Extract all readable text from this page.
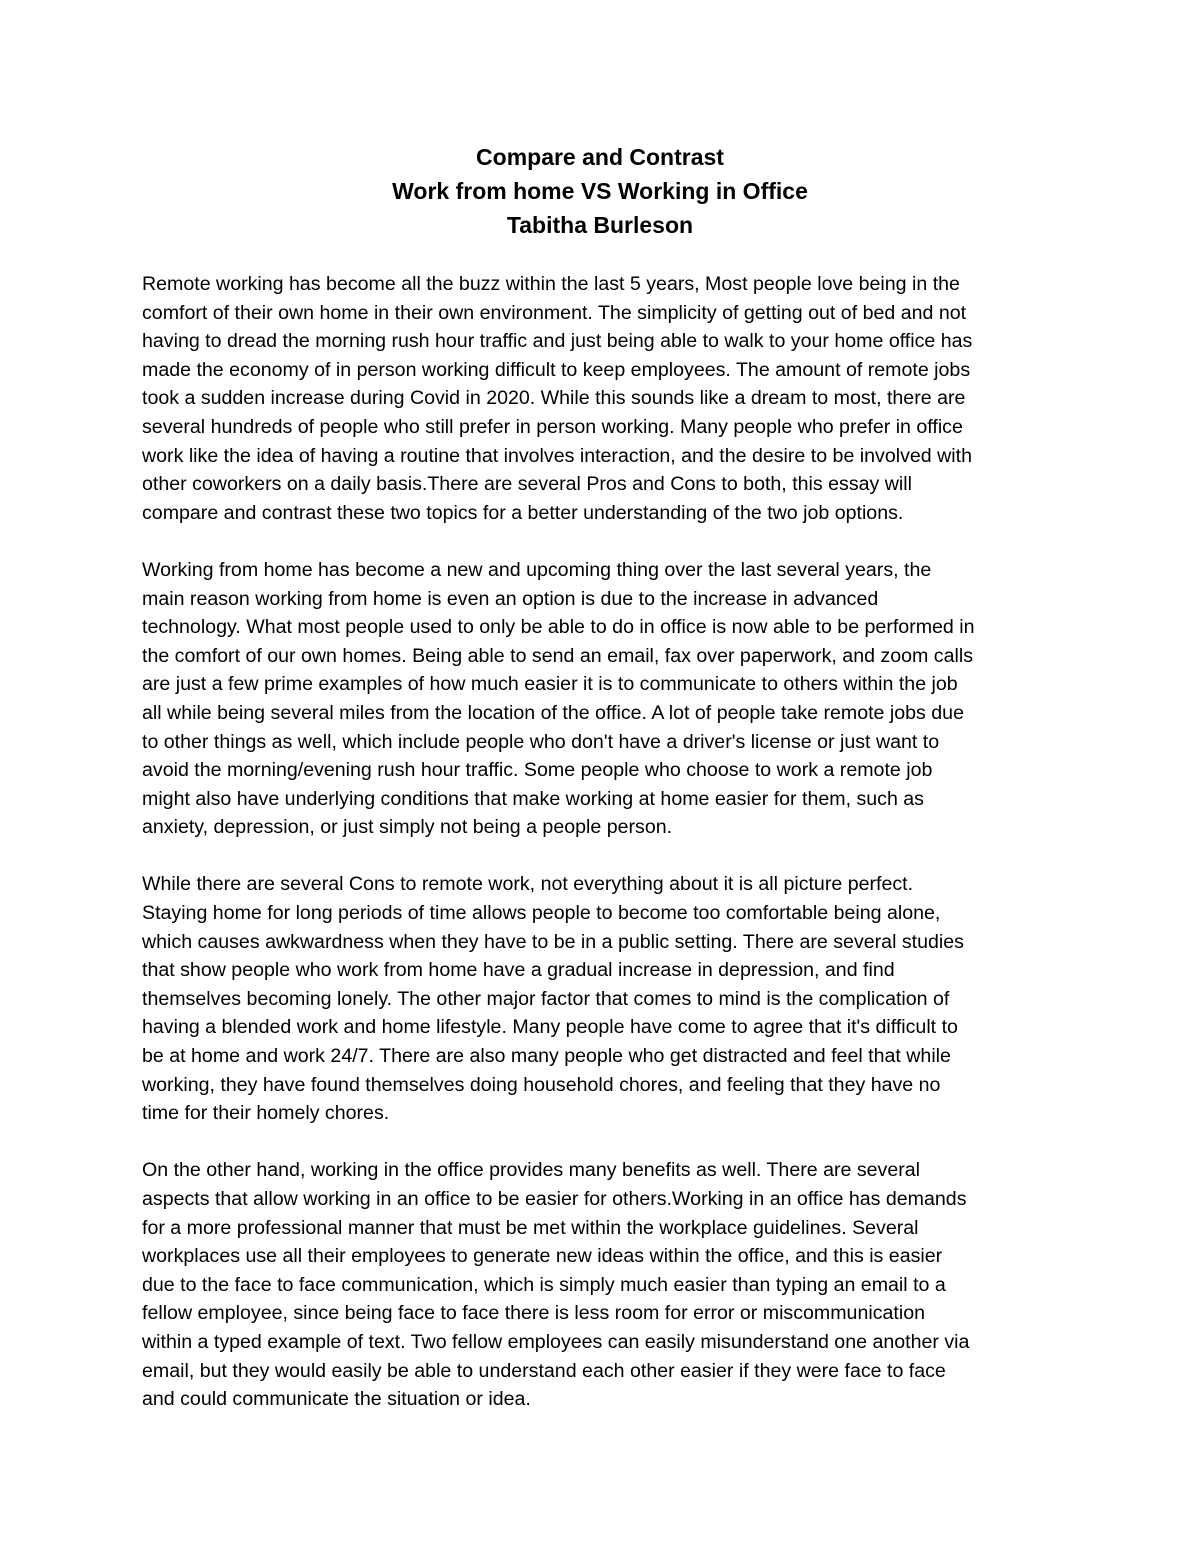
Compare and Contrast
Work from home VS Working in Office
Tabitha Burleson

Remote working has become all the buzz within the last 5 years, Most people love being in the
comfort of their own home in their own environment. The simplicity of getting out of bed and not
having to dread the morning rush hour traffic and just being able to walk to your home office has
made the economy of in person working difficult to keep employees. The amount of remote jobs
took a sudden increase during Covid in 2020. While this sounds like a dream to most, there are
several hundreds of people who still prefer in person working. Many people who prefer in office
work like the idea of having a routine that involves interaction, and the desire to be involved with
other coworkers on a daily basis.There are several Pros and Cons to both, this essay will
compare and contrast these two topics for a better understanding of the two job options.

Working from home has become a new and upcoming thing over the last several years, the
main reason working from home is even an option is due to the increase in advanced
technology. What most people used to only be able to do in office is now able to be performed in
the comfort of our own homes. Being able to send an email, fax over paperwork, and zoom calls
are just a few prime examples of how much easier it is to communicate to others within the job
all while being several miles from the location of the office. A lot of people take remote jobs due
to other things as well, which include people who don't have a driver's license or just want to
avoid the morning/evening rush hour traffic. Some people who choose to work a remote job
might also have underlying conditions that make working at home easier for them, such as
anxiety, depression, or just simply not being a people person.

While there are several Cons to remote work, not everything about it is all picture perfect.
Staying home for long periods of time allows people to become too comfortable being alone,
which causes awkwardness when they have to be in a public setting. There are several studies
that show people who work from home have a gradual increase in depression, and find
themselves becoming lonely. The other major factor that comes to mind is the complication of
having a blended work and home lifestyle. Many people have come to agree that it's difficult to
be at home and work 24/7. There are also many people who get distracted and feel that while
working, they have found themselves doing household chores, and feeling that they have no
time for their homely chores.

On the other hand, working in the office provides many benefits as well. There are several
aspects that allow working in an office to be easier for others.Working in an office has demands
for a more professional manner that must be met within the workplace guidelines. Several
workplaces use all their employees to generate new ideas within the office, and this is easier
due to the face to face communication, which is simply much easier than typing an email to a
fellow employee, since being face to face there is less room for error or miscommunication
within a typed example of text. Two fellow employees can easily misunderstand one another via
email, but they would easily be able to understand each other easier if they were face to face
and could communicate the situation or idea.
